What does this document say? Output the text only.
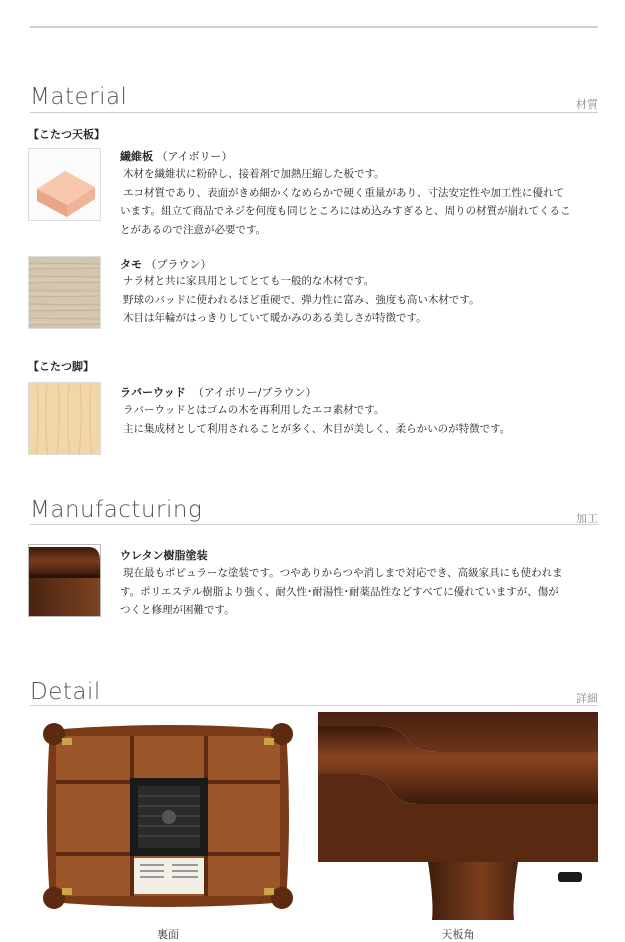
Material	材質
【こたつ天板】
繊維板 （アイボリー）

木材を繊維状に粉砕し、接着剤で加熱圧縮した板です。

エコ材質であり、表面がきめ細かくなめらかで硬く重量があり、寸法安定性や加工性に優れて

います。組立て商品でネジを何度も同じところにはめ込みすぎると、周りの材質が崩れてくるこ

とがあるので注意が必要です。

タモ （ブラウン）

ナラ材と共に家具用としてとても一般的な木材です。

野球のバッドに使われるほど重硬で、弾力性に富み、強度も高い木材です。

木目は年輪がはっきりしていて暖かみのある美しさが特徴です。

【こたつ脚】
ラバーウッド （アイボリー/ブラウン）

ラバーウッドとはゴムの木を再利用したエコ素材です。

主に集成材として利用されることが多く、木目が美しく、柔らかいのが特徴です。

Manufacturing	加工
ウレタン樹脂塗装

現在最もポピュラーな塗装です。つやありからつや消しまで対応でき、高級家具にも使われま

す。ポリエステル樹脂より強く、耐久性･耐湯性･耐薬品性などすべてに優れていますが、傷が

つくと修理が困難です。

Detail	詳細
裏面	天板角
